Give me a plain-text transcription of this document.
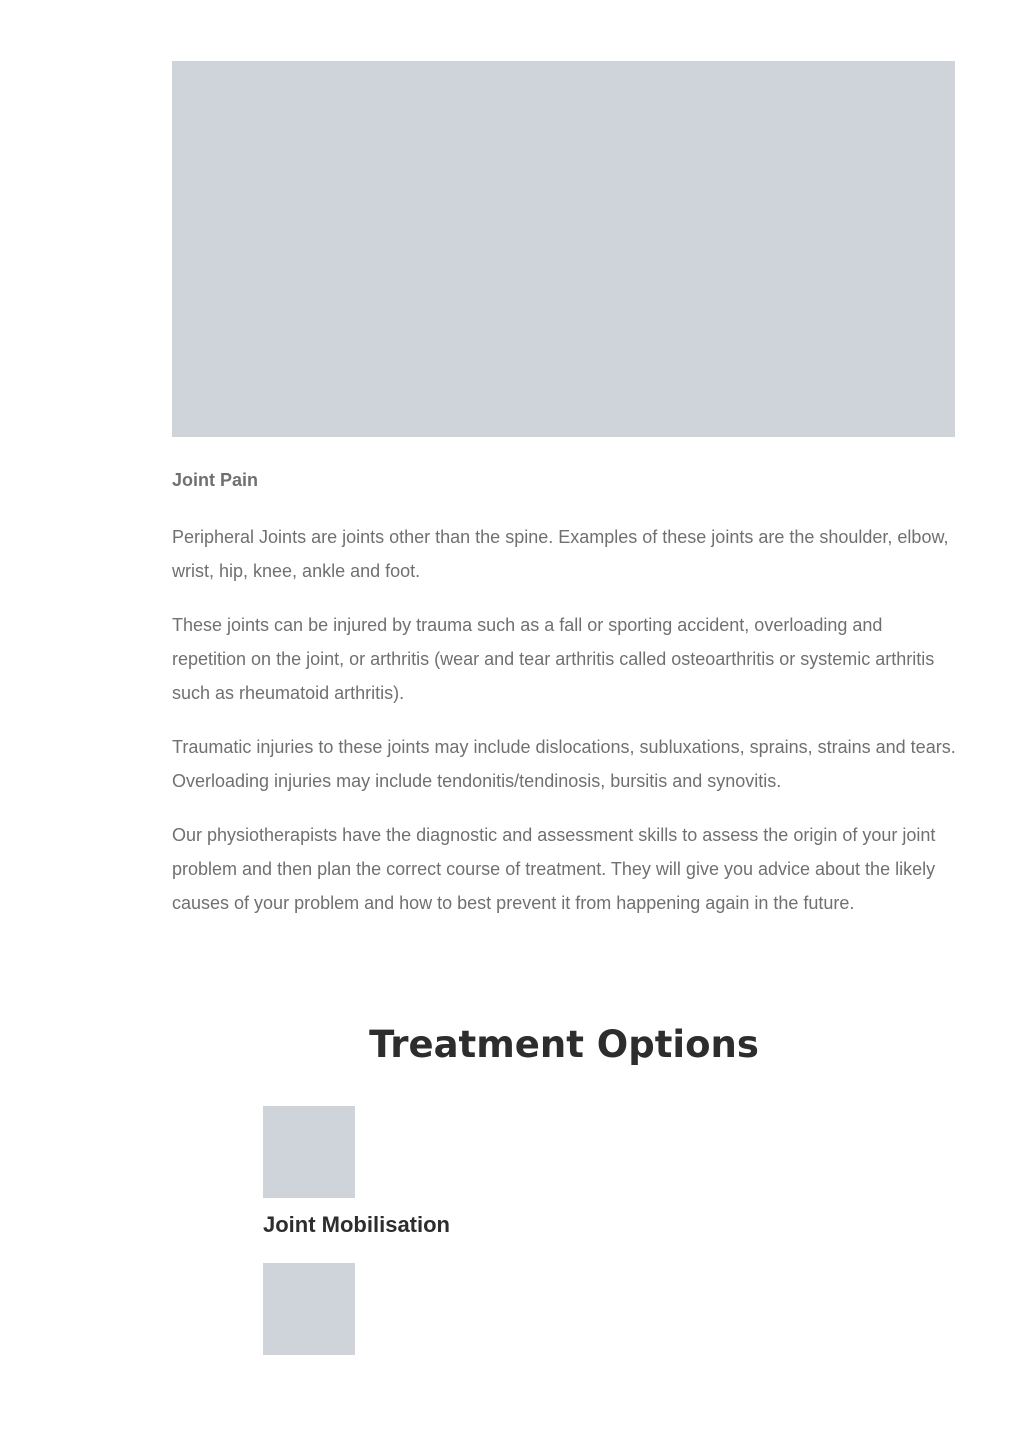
Joint Pain

Peripheral Joints are joints other than the spine. Examples of these joints are the shoulder, elbow, wrist, hip, knee, ankle and foot.

These joints can be injured by trauma such as a fall or sporting accident, overloading and repetition on the joint, or arthritis (wear and tear arthritis called osteoarthritis or systemic arthritis such as rheumatoid arthritis).

Traumatic injuries to these joints may include dislocations, subluxations, sprains, strains and tears. Overloading injuries may include tendonitis/tendinosis, bursitis and synovitis.

Our physiotherapists have the diagnostic and assessment skills to assess the origin of your joint problem and then plan the correct course of treatment. They will give you advice about the likely causes of your problem and how to best prevent it from happening again in the future.

Treatment Options
Joint Mobilisation
